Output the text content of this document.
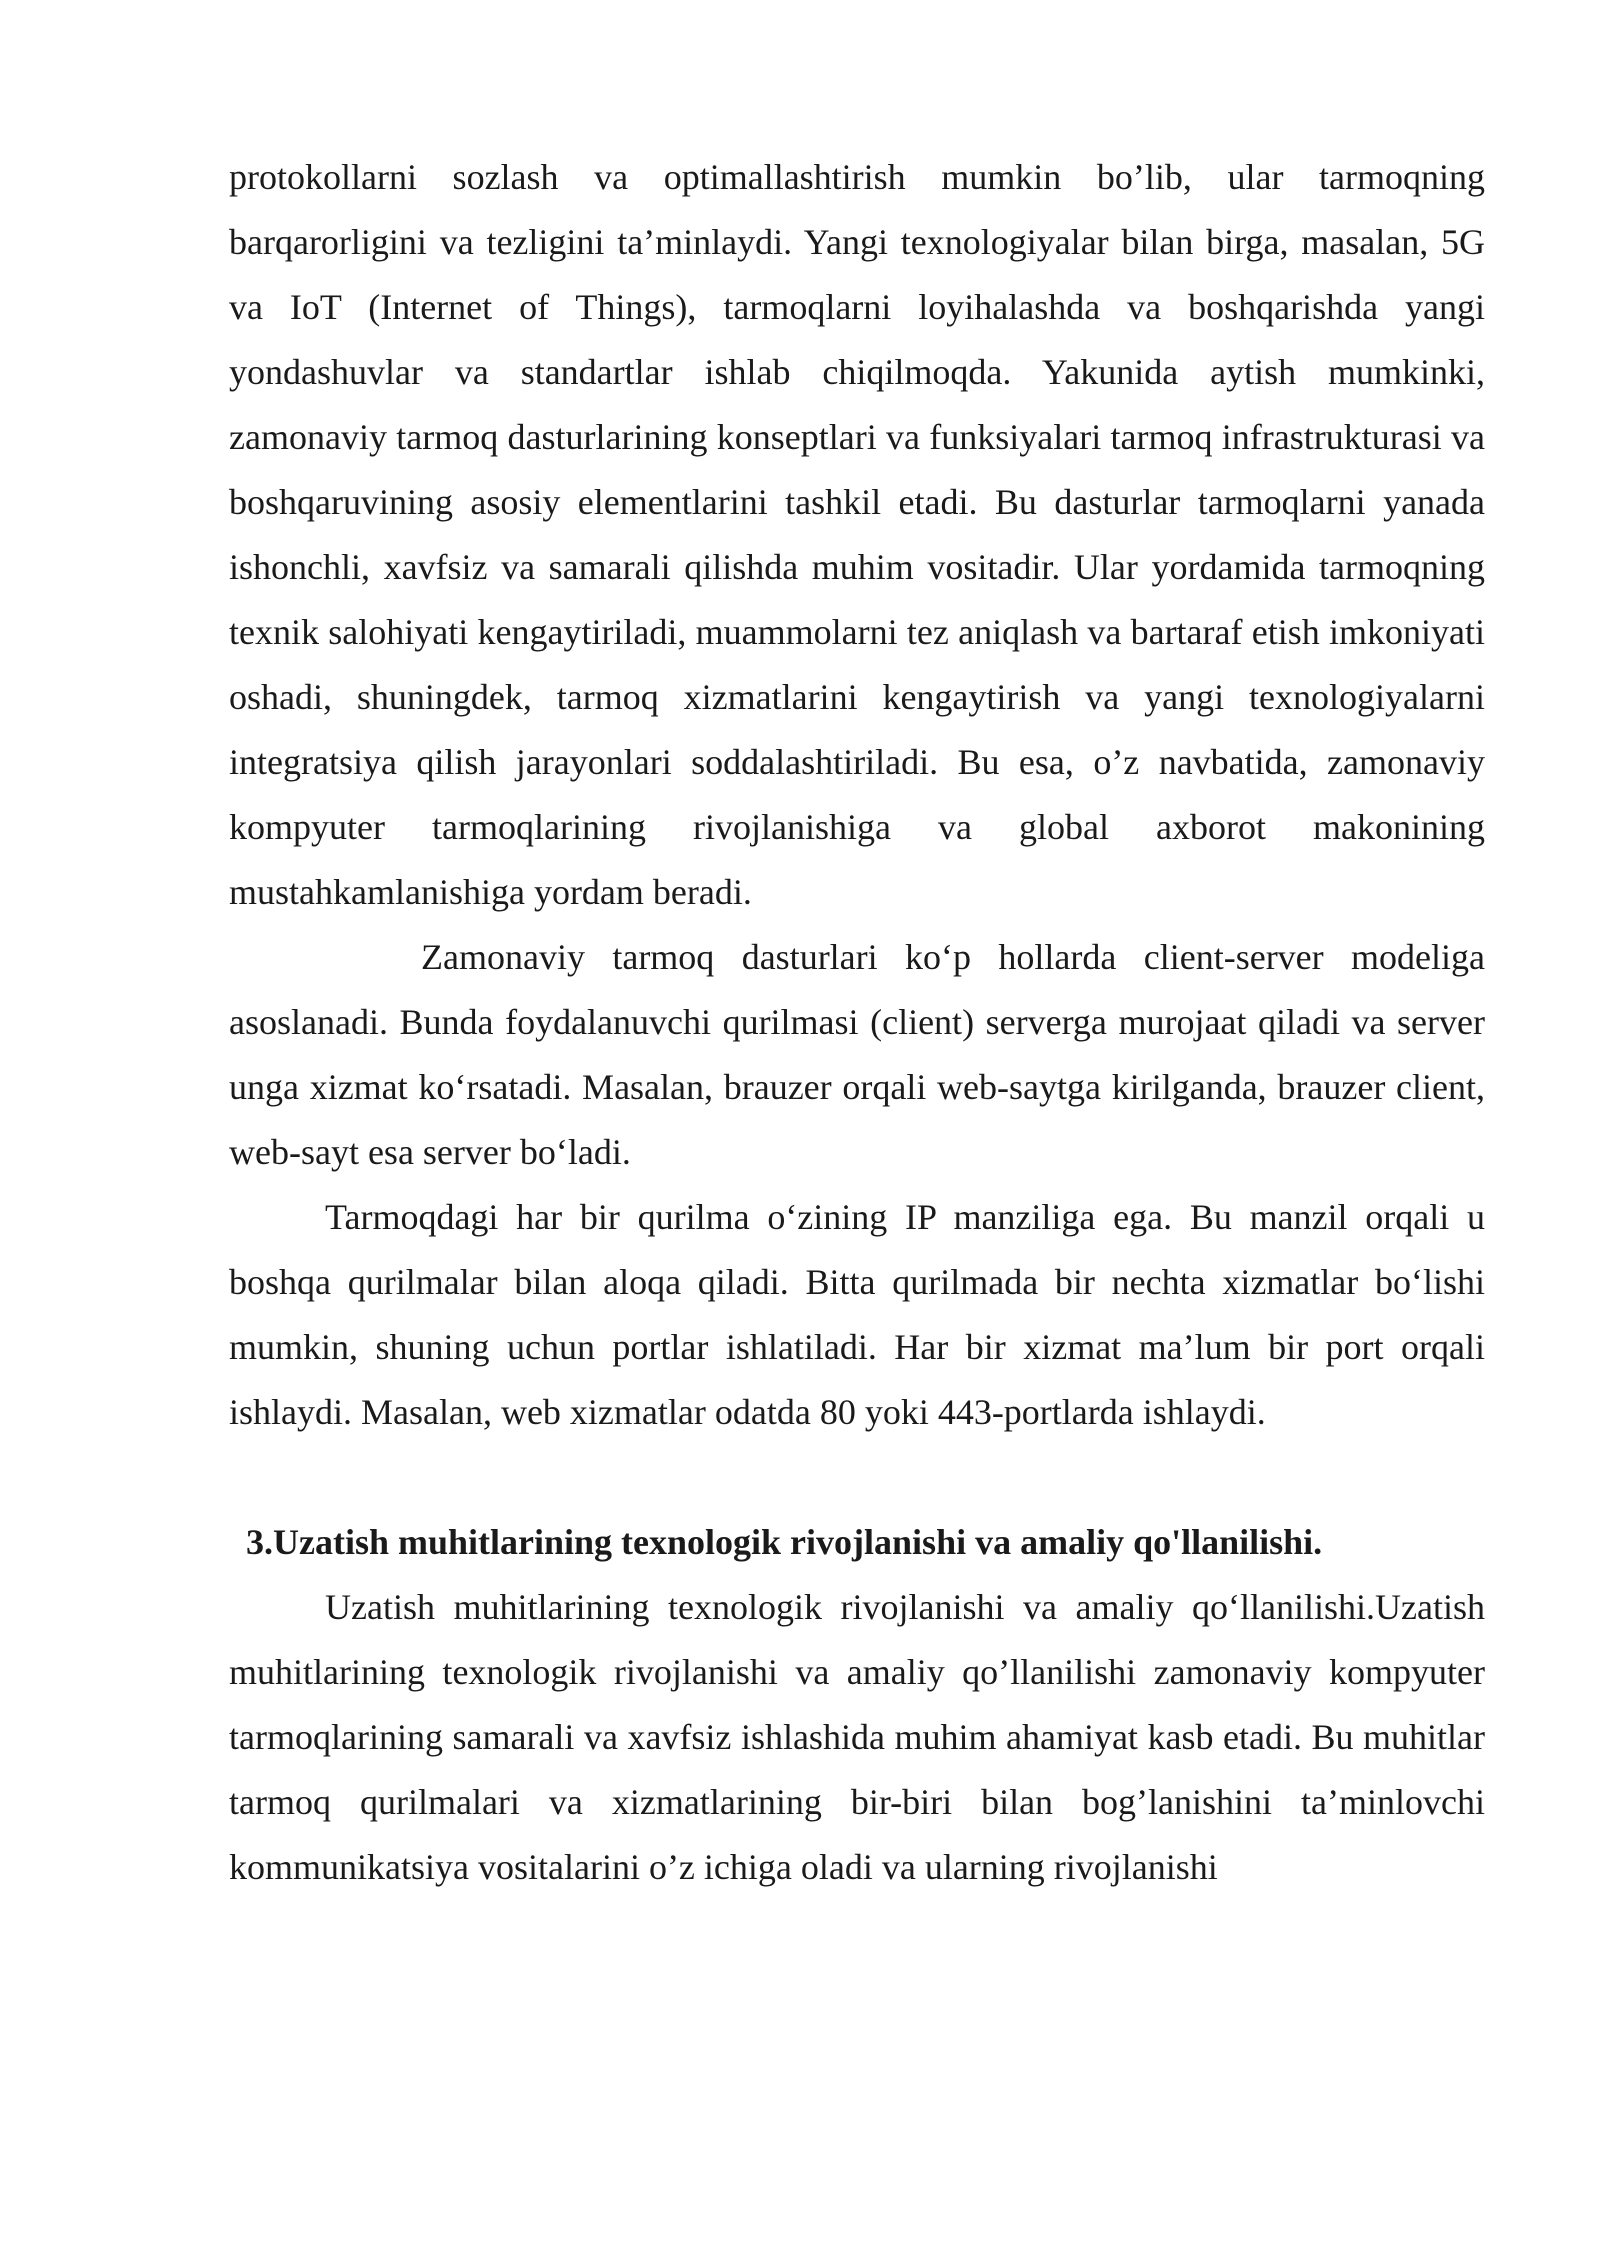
protokollarni sozlash va optimallashtirish mumkin bo’lib, ular tarmoqning barqarorligini va tezligini ta’minlaydi. Yangi texnologiyalar bilan birga, masalan, 5G va IoT (Internet of Things), tarmoqlarni loyihalashda va boshqarishda yangi yondashuvlar va standartlar ishlab chiqilmoqda. Yakunida aytish mumkinki, zamonaviy tarmoq dasturlarining konseptlari va funksiyalari tarmoq infrastrukturasi va boshqaruvining asosiy elementlarini tashkil etadi. Bu dasturlar tarmoqlarni yanada ishonchli, xavfsiz va samarali qilishda muhim vositadir. Ular yordamida tarmoqning texnik salohiyati kengaytiriladi, muammolarni tez aniqlash va bartaraf etish imkoniyati oshadi, shuningdek, tarmoq xizmatlarini kengaytirish va yangi texnologiyalarni integratsiya qilish jarayonlari soddalashtiriladi. Bu esa, o’z navbatida, zamonaviy kompyuter tarmoqlarining rivojlanishiga va global axborot makonining mustahkamlanishiga yordam beradi.

Zamonaviy tarmoq dasturlari ko‘p hollarda client-server modeliga asoslanadi. Bunda foydalanuvchi qurilmasi (client) serverga murojaat qiladi va server unga xizmat ko‘rsatadi. Masalan, brauzer orqali web-saytga kirilganda, brauzer client, web-sayt esa server bo‘ladi.

Tarmoqdagi har bir qurilma o‘zining IP manziliga ega. Bu manzil orqali u boshqa qurilmalar bilan aloqa qiladi. Bitta qurilmada bir nechta xizmatlar bo‘lishi mumkin, shuning uchun portlar ishlatiladi. Har bir xizmat ma’lum bir port orqali ishlaydi. Masalan, web xizmatlar odatda 80 yoki 443-portlarda ishlaydi.

3.Uzatish muhitlarining texnologik rivojlanishi va amaliy qo'llanilishi.

Uzatish muhitlarining texnologik rivojlanishi va amaliy qo‘llanilishi.Uzatish muhitlarining texnologik rivojlanishi va amaliy qo’llanilishi zamonaviy kompyuter tarmoqlarining samarali va xavfsiz ishlashida muhim ahamiyat kasb etadi. Bu muhitlar tarmoq qurilmalari va xizmatlarining bir-biri bilan bog’lanishini ta’minlovchi kommunikatsiya vositalarini o’z ichiga oladi va ularning rivojlanishi
